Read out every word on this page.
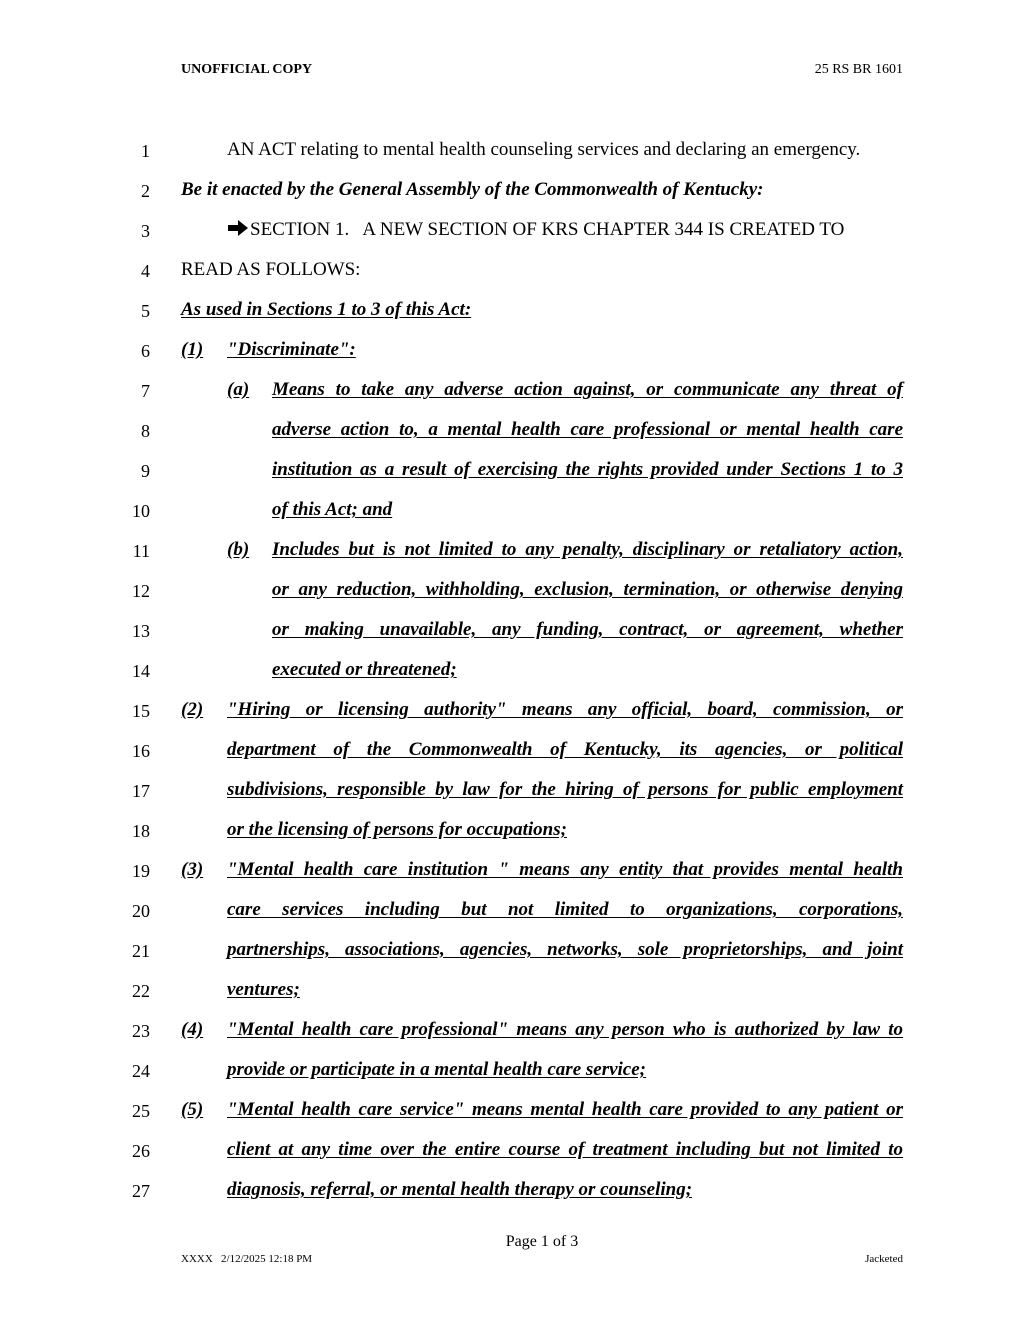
UNOFFICIAL COPY	25 RS BR 1601
1
2
3
4
5
6
7
8
9
10
11
12
13
14
15
16
17
18
19
20
21
22
23
24
25
26
27
AN ACT relating to mental health counseling services and declaring an emergency.
Be it enacted by the General Assembly of the Commonwealth of Kentucky:
SECTION 1.   A NEW SECTION OF KRS CHAPTER 344 IS CREATED TO
READ AS FOLLOWS:
As used in Sections 1 to 3 of this Act:
(1)	"Discriminate":
(a)	Means to take any adverse action against, or communicate any threat of
adverse action to, a mental health care professional or mental health care
institution as a result of exercising the rights provided under Sections 1 to 3
of this Act; and
(b)	Includes but is not limited to any penalty, disciplinary or retaliatory action,
or any reduction, withholding, exclusion, termination, or otherwise denying
or making unavailable, any funding, contract, or agreement, whether
executed or threatened;
(2)	"Hiring or licensing authority" means any official, board, commission, or
department of the Commonwealth of Kentucky, its agencies, or political
subdivisions, responsible by law for the hiring of persons for public employment
or the licensing of persons for occupations;
(3)	"Mental health care institution " means any entity that provides mental health
care services including but not limited to organizations, corporations,
partnerships, associations, agencies, networks, sole proprietorships, and joint
ventures;
(4)	"Mental health care professional" means any person who is authorized by law to
provide or participate in a mental health care service;
(5)	"Mental health care service" means mental health care provided to any patient or
client at any time over the entire course of treatment including but not limited to
diagnosis, referral, or mental health therapy or counseling;
Page 1 of 3
XXXX   2/12/2025 12:18 PM	Jacketed
